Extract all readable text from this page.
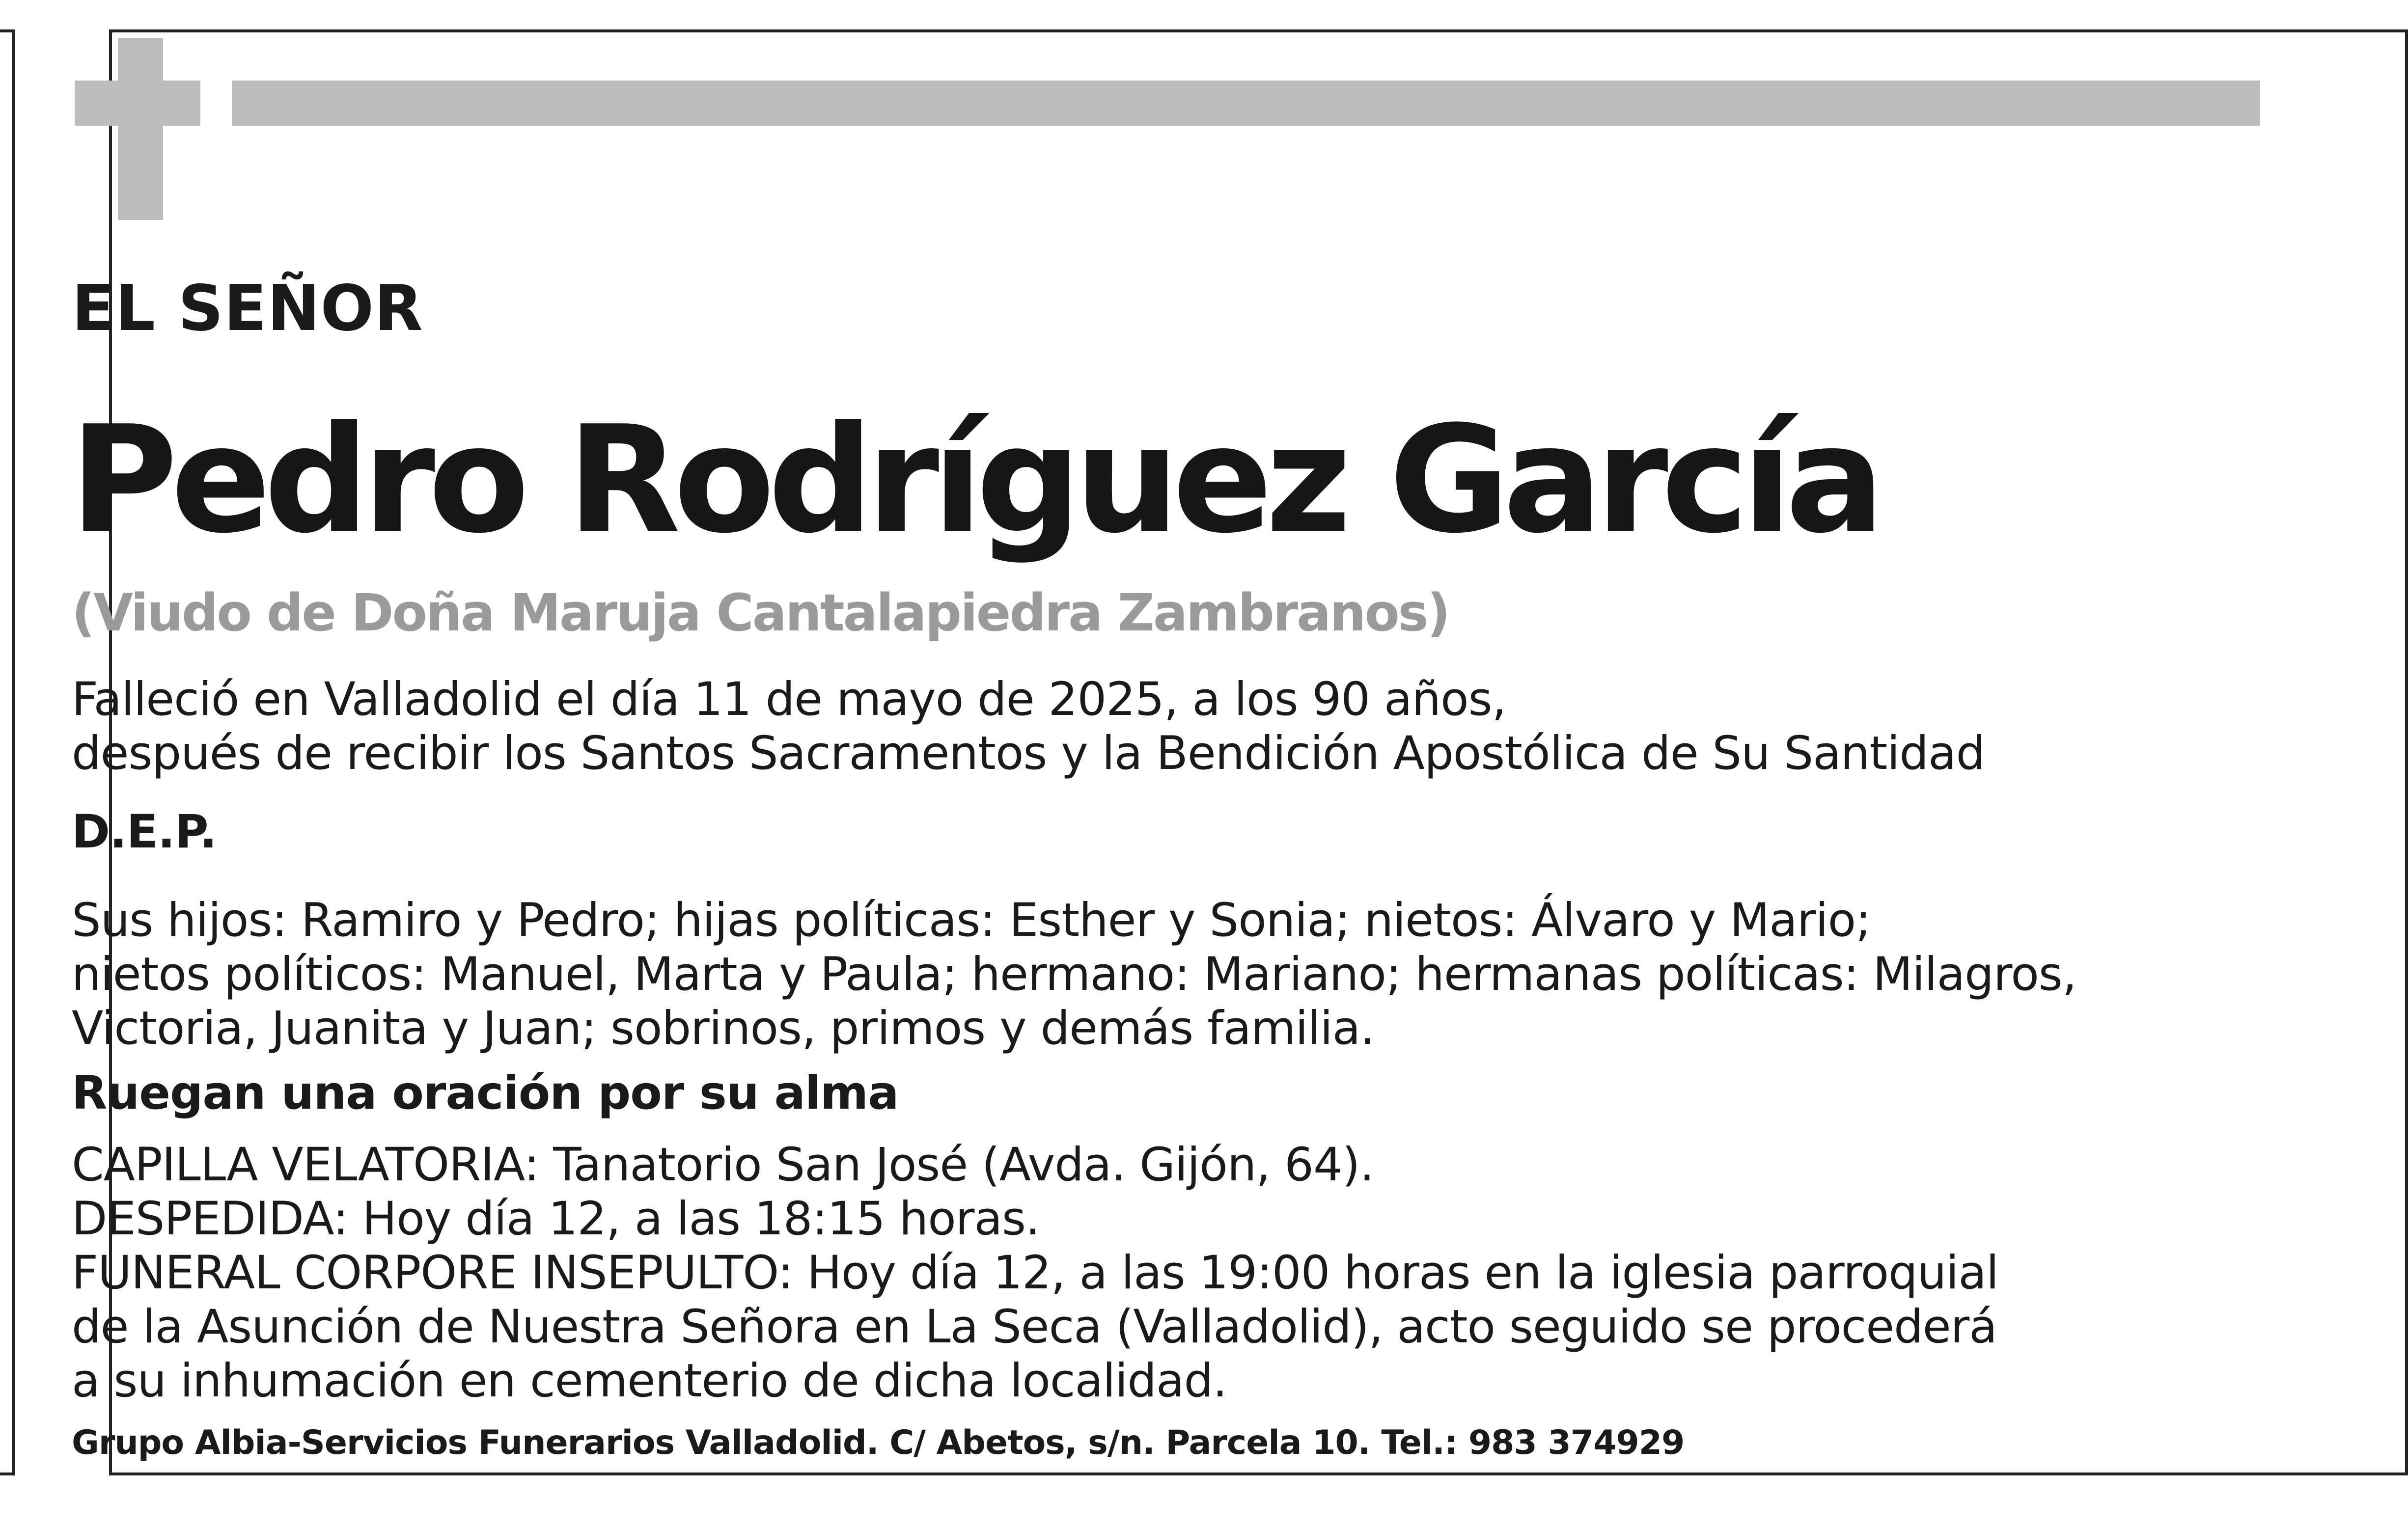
EL SEÑOR
Pedro Rodríguez García
(Viudo de Doña Maruja Cantalapiedra Zambranos)
Falleció en Valladolid el día 11 de mayo de 2025, a los 90 años,
después de recibir los Santos Sacramentos y la Bendición Apostólica de Su Santidad
D.E.P.
Sus hijos: Ramiro y Pedro; hijas políticas: Esther y Sonia; nietos: Álvaro y Mario;
nietos políticos: Manuel, Marta y Paula; hermano: Mariano; hermanas políticas: Milagros,
Victoria, Juanita y Juan; sobrinos, primos y demás familia.
Ruegan una oración por su alma
CAPILLA VELATORIA: Tanatorio San José (Avda. Gijón, 64).
DESPEDIDA: Hoy día 12, a las 18:15 horas.
FUNERAL CORPORE INSEPULTO: Hoy día 12, a las 19:00 horas en la iglesia parroquial
de la Asunción de Nuestra Señora en La Seca (Valladolid), acto seguido se procederá
a su inhumación en cementerio de dicha localidad.
Grupo Albia-Servicios Funerarios Valladolid. C/ Abetos, s/n. Parcela 10. Tel.: 983 374929
